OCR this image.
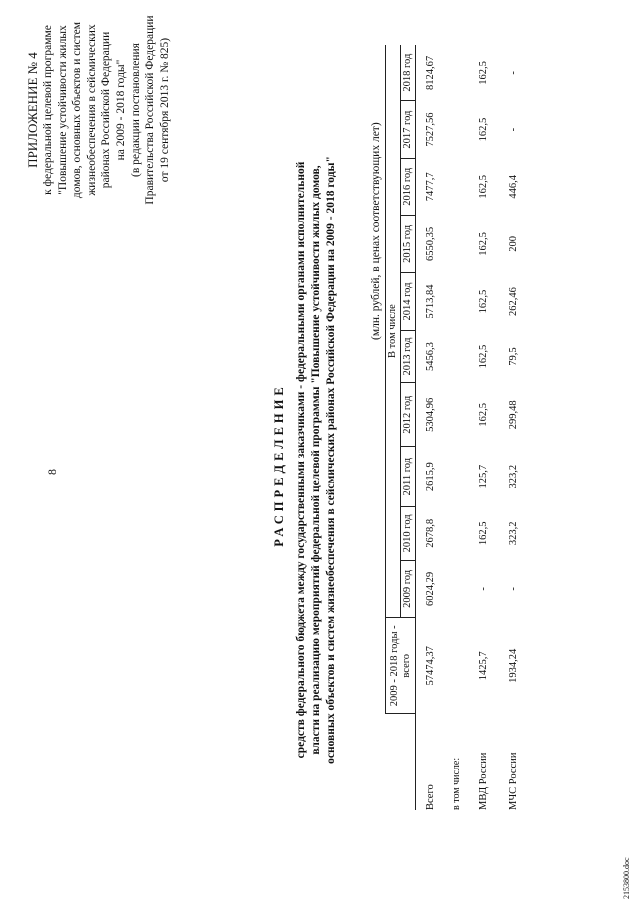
8
ПРИЛОЖЕНИЕ № 4 к федеральной целевой программе "Повышение устойчивости жилых домов, основных объектов и систем жизнеобеспечения в сейсмических районах Российской Федерации на 2009 - 2018 годы" (в редакции постановления Правительства Российской Федерации от 19 сентября 2013 г. № 825)
РАСПРЕДЕЛЕНИЕ средств федерального бюджета между государственными заказчиками - федеральными органами исполнительной власти на реализацию мероприятий федеральной целевой программы "Повышение устойчивости жилых домов, основных объектов и систем жизнеобеспечения в сейсмических районах Российской Федерации на 2009 - 2018 годы"	(млн. рублей, в ценах соответствующих лет)
	2009 - 2018 годы - всего	В том числе									
		2009 год	2010 год	2011 год	2012 год	2013 год	2014 год	2015 год	2016 год	2017 год	2018 год
Всего	57474,37	6024,29	2678,8	2615,9	5304,96	5456,3	5713,84	6550,35	7477,7	7527,56	8124,67
в том числе:											
МВД России	1425,7	-	162,5	125,7	162,5	162,5	162,5	162,5	162,5	162,5	162,5
МЧС России	1934,24	-	323,2	323,2	299,48	79,5	262,46	200	446,4	-	-
2153800.doc
